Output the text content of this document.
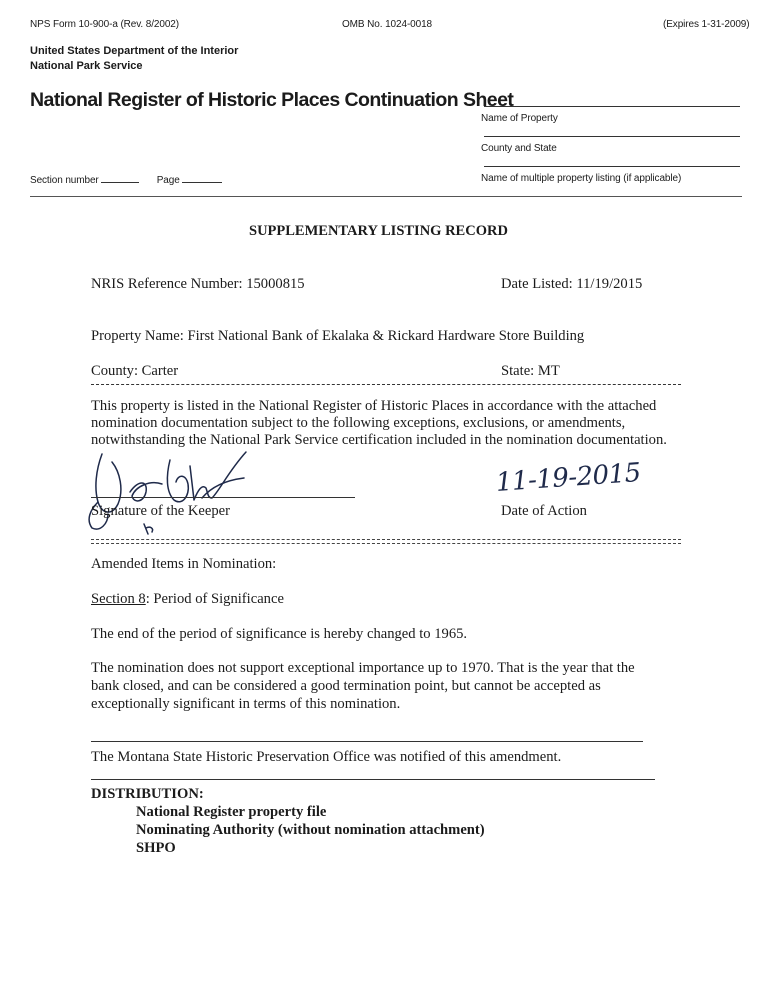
NPS Form 10-900-a (Rev. 8/2002)	OMB No. 1024-0018	(Expires 1-31-2009)
United States Department of the Interior
National Park Service
National Register of Historic Places Continuation Sheet
Name of Property
County and State
Name of multiple property listing (if applicable)
Section number	Page
SUPPLEMENTARY LISTING RECORD
NRIS Reference Number: 15000815	Date Listed: 11/19/2015
Property Name: First National Bank of Ekalaka & Rickard Hardware Store Building
County: Carter	State: MT
This property is listed in the National Register of Historic Places in accordance with the attached
nomination documentation subject to the following exceptions, exclusions, or amendments,
notwithstanding the National Park Service certification included in the nomination documentation.
Signature of the Keeper
11-19-2015
Date of Action
Amended Items in Nomination:
Section 8: Period of Significance
The end of the period of significance is hereby changed to 1965.
The nomination does not support exceptional importance up to 1970. That is the year that the
bank closed, and can be considered a good termination point, but cannot be accepted as
exceptionally significant in terms of this nomination.
The Montana State Historic Preservation Office was notified of this amendment.
DISTRIBUTION:
National Register property file
Nominating Authority (without nomination attachment)
SHPO
